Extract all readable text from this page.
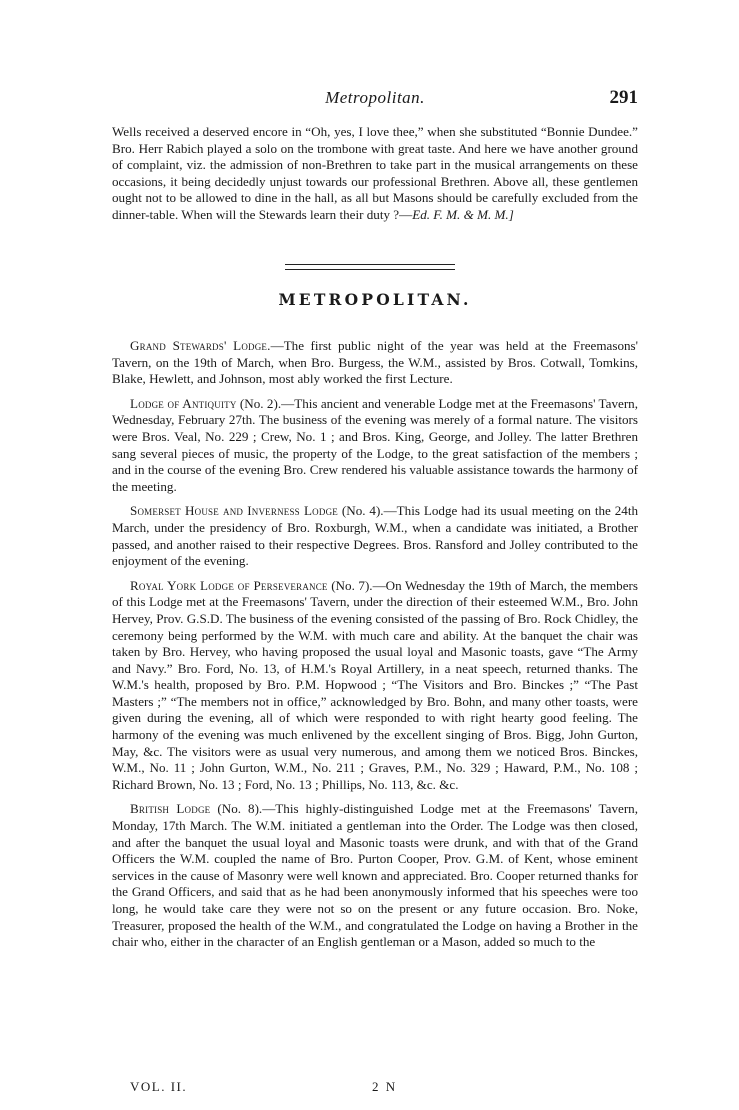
Metropolitan.	291
Wells received a deserved encore in “Oh, yes, I love thee,” when she substituted “Bonnie Dundee.” Bro. Herr Rabich played a solo on the trombone with great taste. And here we have another ground of complaint, viz. the admission of non-Brethren to take part in the musical arrangements on these occasions, it being decidedly unjust towards our professional Brethren. Above all, these gentlemen ought not to be allowed to dine in the hall, as all but Masons should be carefully excluded from the dinner-table. When will the Stewards learn their duty ?—Ed. F. M. & M. M.]
METROPOLITAN.

Grand Stewards' Lodge.—The first public night of the year was held at the Freemasons' Tavern, on the 19th of March, when Bro. Burgess, the W.M., assisted by Bros. Cotwall, Tomkins, Blake, Hewlett, and Johnson, most ably worked the first Lecture.

Lodge of Antiquity (No. 2).—This ancient and venerable Lodge met at the Freemasons' Tavern, Wednesday, February 27th. The business of the evening was merely of a formal nature. The visitors were Bros. Veal, No. 229 ; Crew, No. 1 ; and Bros. King, George, and Jolley. The latter Brethren sang several pieces of music, the property of the Lodge, to the great satisfaction of the members ; and in the course of the evening Bro. Crew rendered his valuable assistance towards the harmony of the meeting.

Somerset House and Inverness Lodge (No. 4).—This Lodge had its usual meeting on the 24th March, under the presidency of Bro. Roxburgh, W.M., when a candidate was initiated, a Brother passed, and another raised to their respective Degrees. Bros. Ransford and Jolley contributed to the enjoyment of the evening.

Royal York Lodge of Perseverance (No. 7).—On Wednesday the 19th of March, the members of this Lodge met at the Freemasons' Tavern, under the direction of their esteemed W.M., Bro. John Hervey, Prov. G.S.D. The business of the evening consisted of the passing of Bro. Rock Chidley, the ceremony being performed by the W.M. with much care and ability. At the banquet the chair was taken by Bro. Hervey, who having proposed the usual loyal and Masonic toasts, gave “The Army and Navy.” Bro. Ford, No. 13, of H.M.'s Royal Artillery, in a neat speech, returned thanks. The W.M.'s health, proposed by Bro. P.M. Hopwood ; “The Visitors and Bro. Binckes ;” “The Past Masters ;” “The members not in office,” acknowledged by Bro. Bohn, and many other toasts, were given during the evening, all of which were responded to with right hearty good feeling. The harmony of the evening was much enlivened by the excellent singing of Bros. Bigg, John Gurton, May, &c. The visitors were as usual very numerous, and among them we noticed Bros. Binckes, W.M., No. 11 ; John Gurton, W.M., No. 211 ; Graves, P.M., No. 329 ; Haward, P.M., No. 108 ; Richard Brown, No. 13 ; Ford, No. 13 ; Phillips, No. 113, &c. &c.

British Lodge (No. 8).—This highly-distinguished Lodge met at the Freemasons' Tavern, Monday, 17th March. The W.M. initiated a gentleman into the Order. The Lodge was then closed, and after the banquet the usual loyal and Masonic toasts were drunk, and with that of the Grand Officers the W.M. coupled the name of Bro. Purton Cooper, Prov. G.M. of Kent, whose eminent services in the cause of Masonry were well known and appreciated. Bro. Cooper returned thanks for the Grand Officers, and said that as he had been anonymously informed that his speeches were too long, he would take care they were not so on the present or any future occasion. Bro. Noke, Treasurer, proposed the health of the W.M., and congratulated the Lodge on having a Brother in the chair who, either in the character of an English gentleman or a Mason, added so much to the

VOL. II.	2 N
